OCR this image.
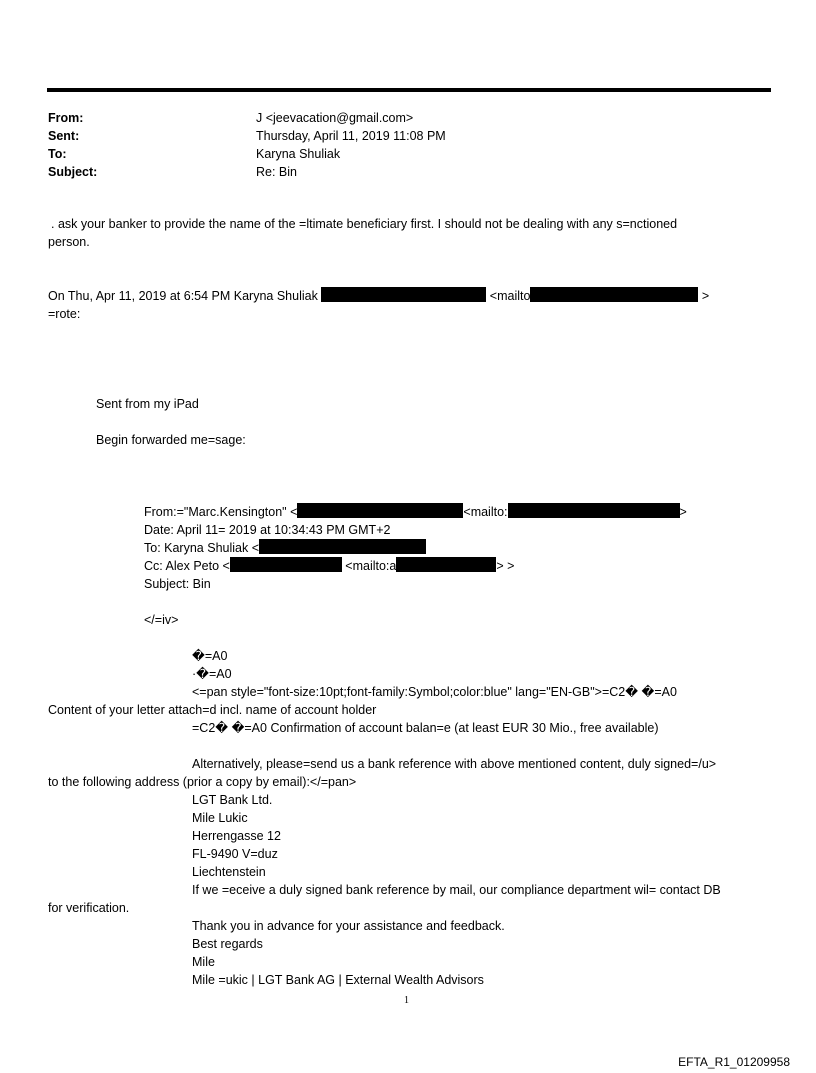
From:	J <jeevacation@gmail.com>
Sent:	Thursday, April 11, 2019 11:08 PM
To:	Karyna Shuliak
Subject:	Re: Bin
. ask your banker to provide the name of the =ltimate beneficiary first. I should not be dealing with any s=nctioned
person.
On Thu, Apr 11, 2019 at 6:54 PM Karyna Shuliak	<mailto	>
=rote:
Sent from my iPad
Begin forwarded me=sage:
From:="Marc.Kensington" <	<mailto:	>
Date: April 11= 2019 at 10:34:43 PM GMT+2
To: Karyna Shuliak <
Cc: Alex Peto <	<mailto:a	> >
Subject: Bin
</=iv>
�=A0
·�=A0
<=pan style="font-size:10pt;font-family:Symbol;color:blue" lang="EN-GB">=C2� �=A0
Content of your letter attach=d incl. name of account holder
=C2� �=A0 Confirmation of account balan=e (at least EUR 30 Mio., free available)
Alternatively, please=send us a bank reference with above mentioned content, duly signed=/u>
to the following address (prior a copy by email):</=pan>
LGT Bank Ltd.
Mile Lukic
Herrengasse 12
FL-9490 V=duz
Liechtenstein
If we =eceive a duly signed bank reference by mail, our compliance department wil= contact DB
for verification.
Thank you in advance for your assistance and feedback.
Best regards
Mile
Mile =ukic | LGT Bank AG | External Wealth Advisors
1
EFTA_R1_01209958
